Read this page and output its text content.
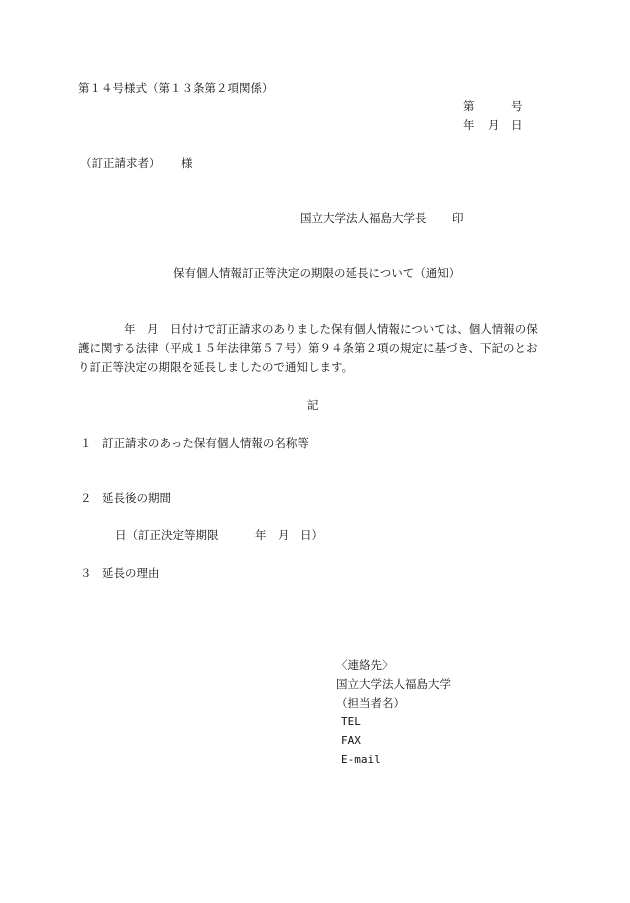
第１４号様式（第１３条第２項関係）
第	号
年 月 日
（訂正請求者） 様
国立大学法人福島大学長 印
保有個人情報訂正等決定の期限の延長について（通知）
年　月　日付けで訂正請求のありました保有個人情報については、個人情報の保
護に関する法律（平成１５年法律第５７号）第９４条第２項の規定に基づき、下記のとお
り訂正等決定の期限を延長しましたので通知します。
記
１ 訂正請求のあった保有個人情報の名称等
２ 延長後の期間
日（訂正決定等期限	年 月 日）
３ 延長の理由
〈連絡先〉
国立大学法人福島大学
（担当者名）
TEL
FAX
E-mail
